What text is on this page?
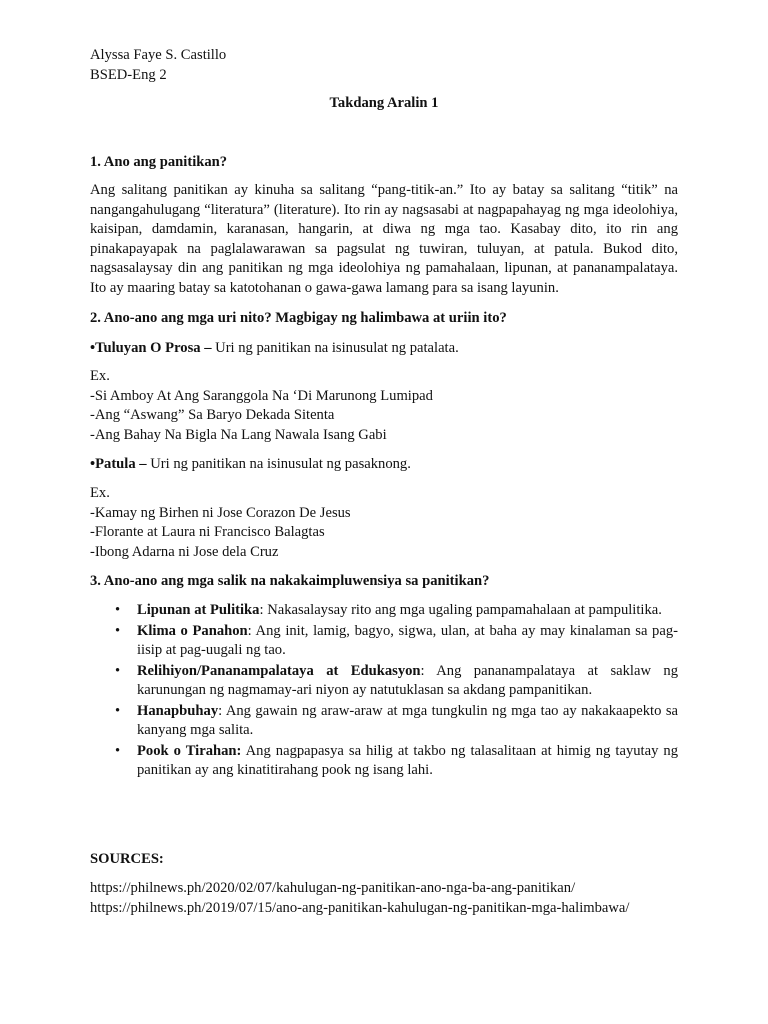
Alyssa Faye S. Castillo
BSED-Eng 2
Takdang Aralin 1
1. Ano ang panitikan?

Ang salitang panitikan ay kinuha sa salitang “pang-titik-an.” Ito ay batay sa salitang “titik” na nangangahulugang “literatura” (literature). Ito rin ay nagsasabi at nagpapahayag ng mga ideolohiya, kaisipan, damdamin, karanasan, hangarin, at diwa ng mga tao. Kasabay dito, ito rin ang pinakapayapak na paglalawarawan sa pagsulat ng tuwiran, tuluyan, at patula. Bukod dito, nagsasalaysay din ang panitikan ng mga ideolohiya ng pamahalaan, lipunan, at pananampalataya. Ito ay maaring batay sa katotohanan o gawa-gawa lamang para sa isang layunin.

2. Ano-ano ang mga uri nito? Magbigay ng halimbawa at uriin ito?
•Tuluyan O Prosa – Uri ng panitikan na isinusulat ng patalata.
Ex.
-Si Amboy At Ang Saranggola Na ‘Di Marunong Lumipad
-Ang “Aswang” Sa Baryo Dekada Sitenta
-Ang Bahay Na Bigla Na Lang Nawala Isang Gabi
•Patula – Uri ng panitikan na isinusulat ng pasaknong.
Ex.
-Kamay ng Birhen ni Jose Corazon De Jesus
-Florante at Laura ni Francisco Balagtas
-Ibong Adarna ni Jose dela Cruz
3. Ano-ano ang mga salik na nakakaimpluwensiya sa panitikan?
• Lipunan at Pulitika: Nakasalaysay rito ang mga ugaling pampamahalaan at pampulitika.
• Klima o Panahon: Ang init, lamig, bagyo, sigwa, ulan, at baha ay may kinalaman sa pag-iisip at pag-uugali ng tao.
• Relihiyon/Pananampalataya at Edukasyon: Ang pananampalataya at saklaw ng karunungan ng nagmamay-ari niyon ay natutuklasan sa akdang pampanitikan.
• Hanapbuhay: Ang gawain ng araw-araw at mga tungkulin ng mga tao ay nakakaapekto sa kanyang mga salita.
• Pook o Tirahan: Ang nagpapasya sa hilig at takbo ng talasalitaan at himig ng tayutay ng panitikan ay ang kinatitirahang pook ng isang lahi.
SOURCES:
https://philnews.ph/2020/02/07/kahulugan-ng-panitikan-ano-nga-ba-ang-panitikan/
https://philnews.ph/2019/07/15/ano-ang-panitikan-kahulugan-ng-panitikan-mga-halimbawa/
